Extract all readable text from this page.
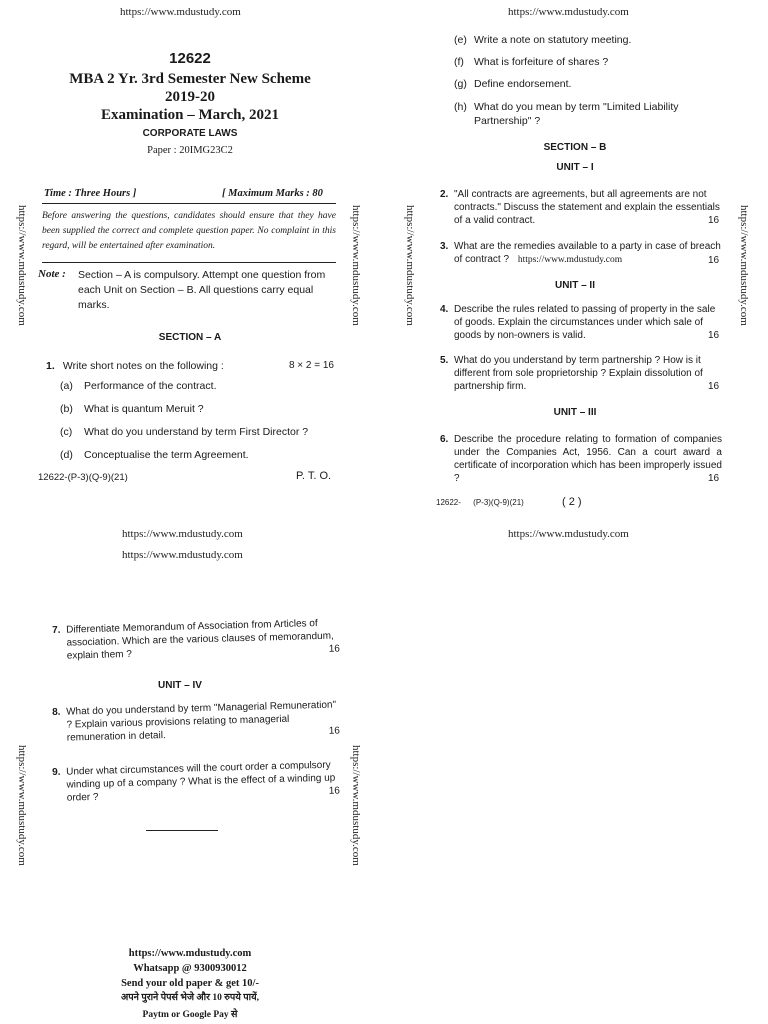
https://www.mdustudy.com	https://www.mdustudy.com
https://www.mdustudy.com	https://www.mdustudy.com	https://www.mdustudy.com	https://www.mdustudy.com
https://www.mdustudy.com	https://www.mdustudy.com
12622
MBA 2 Yr. 3rd Semester New Scheme
2019-20
Examination – March, 2021
CORPORATE LAWS
Paper : 20IMG23C2
Time : Three Hours ]	[ Maximum Marks : 80
Before answering the questions, candidates should ensure that they have been supplied the correct and complete question paper. No complaint in this regard, will be entertained after examination.
Note : Section – A is compulsory. Attempt one question from each Unit on Section – B. All questions carry equal marks.
SECTION – A
1. Write short notes on the following :	8 × 2 = 16
(a) Performance of the contract.
(b) What is quantum Meruit ?
(c) What do you understand by term First Director ?
(d) Conceptualise the term Agreement.
12622-(P-3)(Q-9)(21)	P. T. O.
(e) Write a note on statutory meeting.
(f) What is forfeiture of shares ?
(g) Define endorsement.
(h) What do you mean by term "Limited Liability Partnership" ?
SECTION – B
UNIT – I
2. "All contracts are agreements, but all agreements are not contracts." Discuss the statement and explain the essentials of a valid contract.	16
3. What are the remedies available to a party in case of breach of contract ? https://www.mdustudy.com	16
UNIT – II
4. Describe the rules related to passing of property in the sale of goods. Explain the circumstances under which sale of goods by non-owners is valid.	16
5. What do you understand by term partnership ? How is it different from sole proprietorship ? Explain dissolution of partnership firm.	16
UNIT – III
6. Describe the procedure relating to formation of companies under the Companies Act, 1956. Can a court award a certificate of incorporation which has been improperly issued ?	16
12622- (P-3)(Q-9)(21)	( 2 )
https://www.mdustudy.com	https://www.mdustudy.com
https://www.mdustudy.com
7. Differentiate Memorandum of Association from Articles of association. Which are the various clauses of memorandum, explain them ?	16
UNIT – IV
8. What do you understand by term "Managerial Remuneration" ? Explain various provisions relating to managerial remuneration in detail.	16
9. Under what circumstances will the court order a compulsory winding up of a company ? What is the effect of a winding up order ?
16
https://www.mdustudy.com
Whatsapp @ 9300930012
Send your old paper & get 10/-
अपने पुराने पेपर्स भेजे और 10 रुपये पायें,
Paytm or Google Pay से
